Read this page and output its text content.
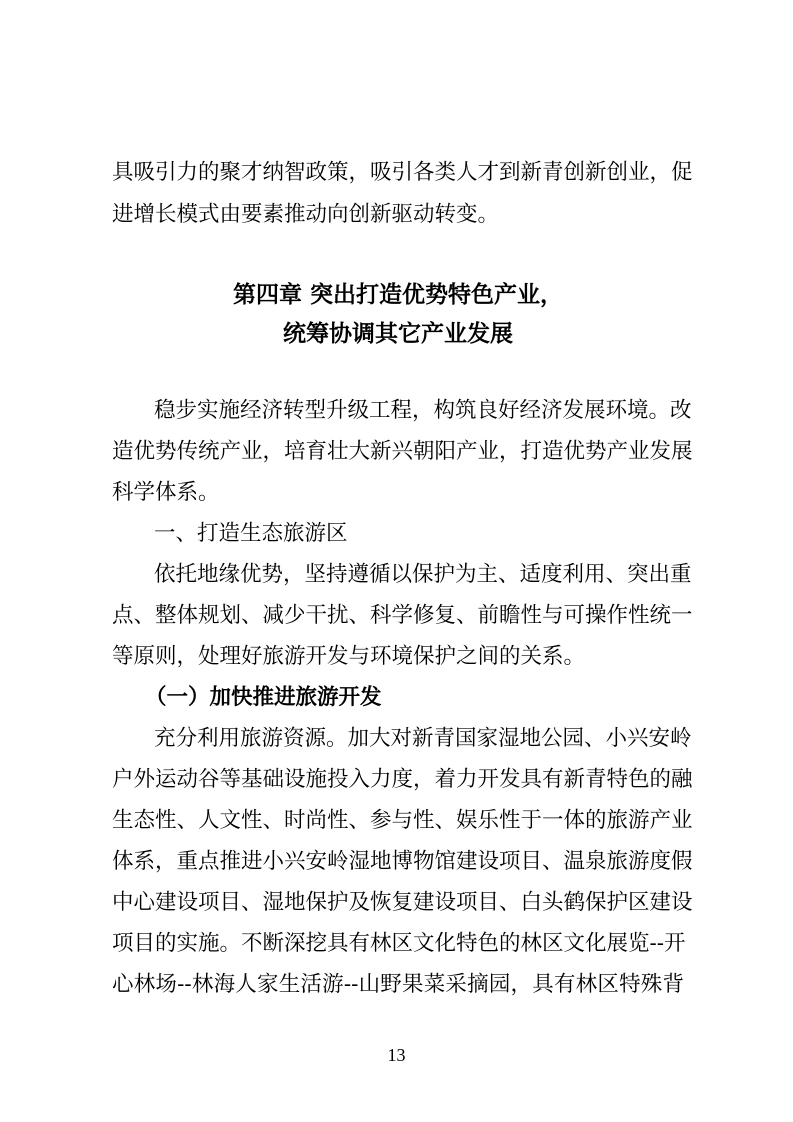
具吸引力的聚才纳智政策，吸引各类人才到新青创新创业，促
进增长模式由要素推动向创新驱动转变。
第四章 突出打造优势特色产业，
统筹协调其它产业发展
稳步实施经济转型升级工程，构筑良好经济发展环境。改
造优势传统产业，培育壮大新兴朝阳产业，打造优势产业发展
科学体系。
一、打造生态旅游区
依托地缘优势，坚持遵循以保护为主、适度利用、突出重
点、整体规划、减少干扰、科学修复、前瞻性与可操作性统一
等原则，处理好旅游开发与环境保护之间的关系。
（一）加快推进旅游开发
充分利用旅游资源。加大对新青国家湿地公园、小兴安岭
户外运动谷等基础设施投入力度，着力开发具有新青特色的融
生态性、人文性、时尚性、参与性、娱乐性于一体的旅游产业
体系，重点推进小兴安岭湿地博物馆建设项目、温泉旅游度假
中心建设项目、湿地保护及恢复建设项目、白头鹤保护区建设
项目的实施。不断深挖具有林区文化特色的林区文化展览--开
心林场--林海人家生活游--山野果菜采摘园，具有林区特殊背
13
